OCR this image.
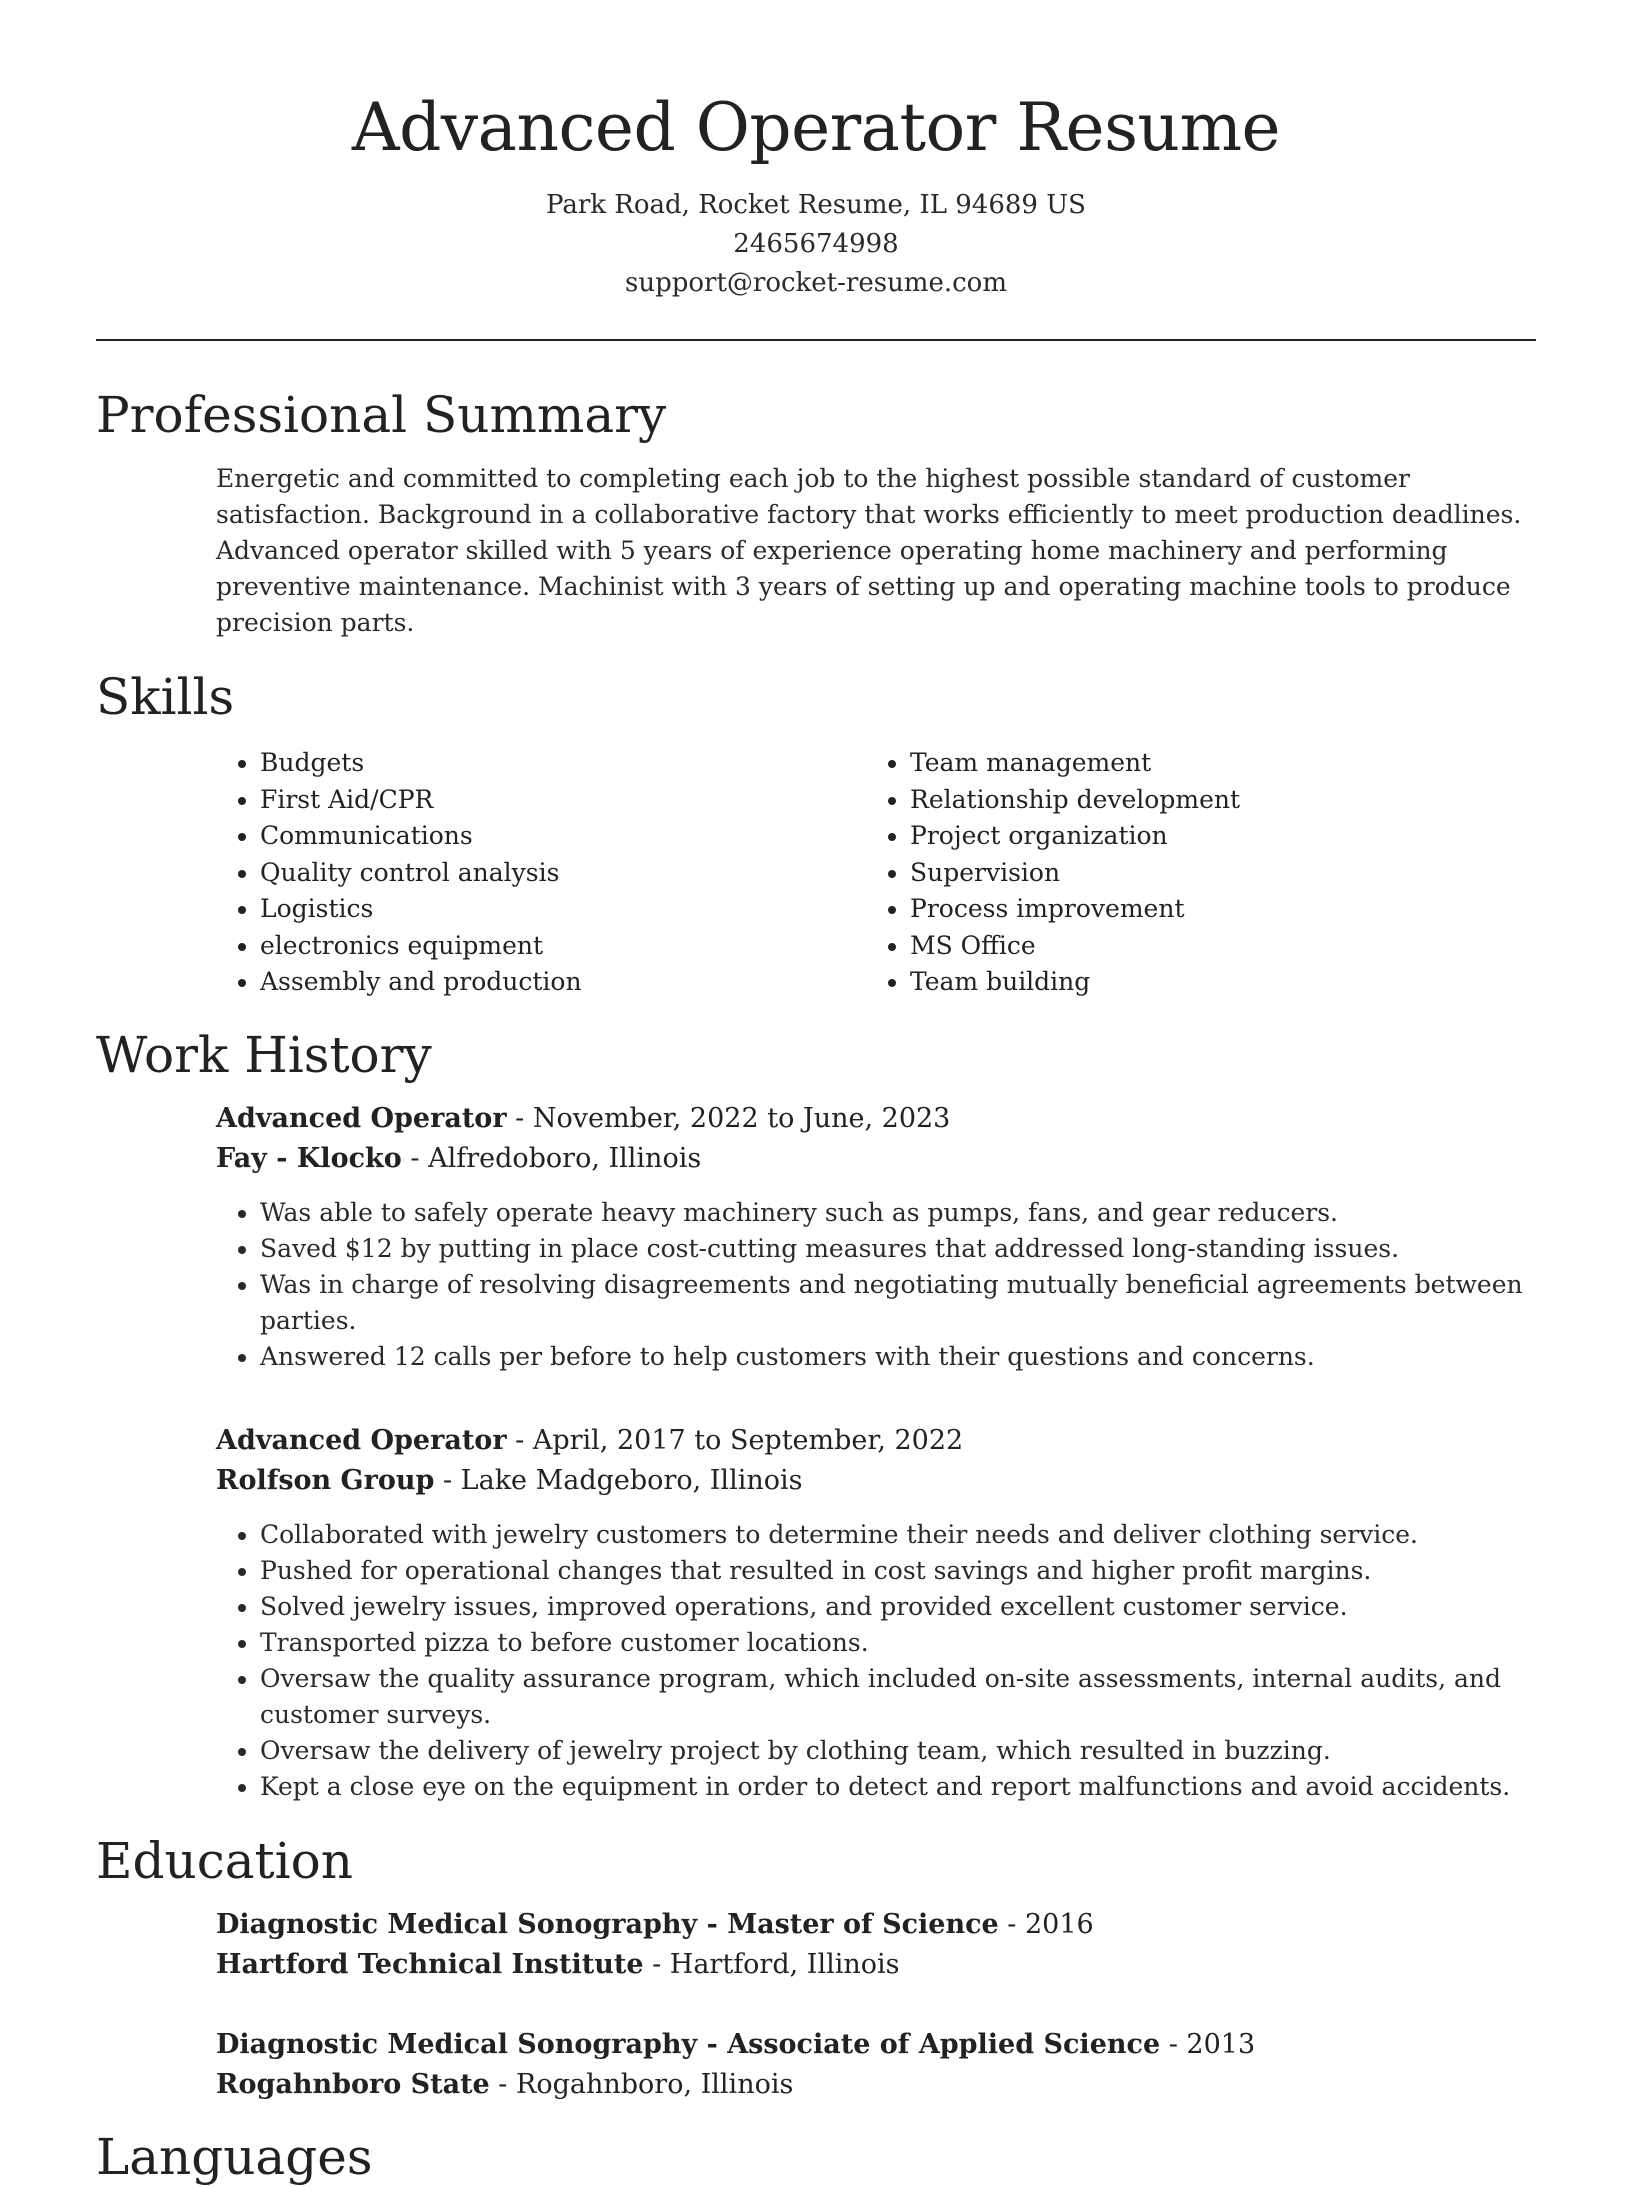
Advanced Operator Resume
Park Road, Rocket Resume, IL 94689 US
2465674998
support@rocket-resume.com
Professional Summary

Energetic and committed to completing each job to the highest possible standard of customer satisfaction. Background in a collaborative factory that works efficiently to meet production deadlines. Advanced operator skilled with 5 years of experience operating home machinery and performing preventive maintenance. Machinist with 3 years of setting up and operating machine tools to produce precision parts.

Skills
• Budgets
• First Aid/CPR
• Communications
• Quality control analysis
• Logistics
• electronics equipment
• Assembly and production
• Team management
• Relationship development
• Project organization
• Supervision
• Process improvement
• MS Office
• Team building
Work History

Advanced Operator - November, 2022 to June, 2023

Fay - Klocko - Alfredoboro, Illinois

• Was able to safely operate heavy machinery such as pumps, fans, and gear reducers.
• Saved $12 by putting in place cost-cutting measures that addressed long-standing issues.
• Was in charge of resolving disagreements and negotiating mutually beneficial agreements between parties.
• Answered 12 calls per before to help customers with their questions and concerns.

Advanced Operator - April, 2017 to September, 2022

Rolfson Group - Lake Madgeboro, Illinois

• Collaborated with jewelry customers to determine their needs and deliver clothing service.
• Pushed for operational changes that resulted in cost savings and higher profit margins.
• Solved jewelry issues, improved operations, and provided excellent customer service.
• Transported pizza to before customer locations.
• Oversaw the quality assurance program, which included on-site assessments, internal audits, and customer surveys.
• Oversaw the delivery of jewelry project by clothing team, which resulted in buzzing.
• Kept a close eye on the equipment in order to detect and report malfunctions and avoid accidents.
Education

Diagnostic Medical Sonography - Master of Science - 2016

Hartford Technical Institute - Hartford, Illinois

Diagnostic Medical Sonography - Associate of Applied Science - 2013

Rogahnboro State - Rogahnboro, Illinois

Languages
